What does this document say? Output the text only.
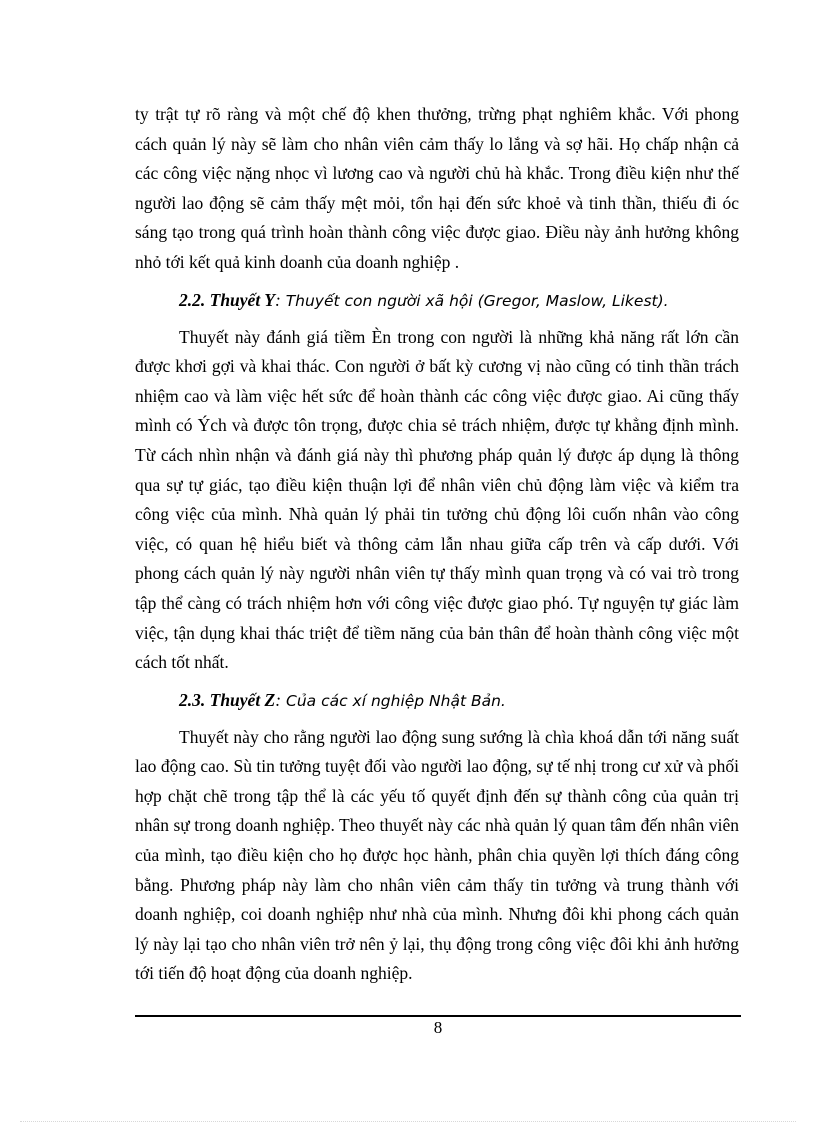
ty trật tự rõ ràng và một chế độ khen thưởng, trừng phạt nghiêm khắc. Với phong cách quản lý này sẽ làm cho nhân viên cảm thấy lo lắng và sợ hãi. Họ chấp nhận cả các công việc nặng nhọc vì lương cao và người chủ hà khắc. Trong điều kiện như thế người lao động sẽ cảm thấy mệt mỏi, tổn hại đến sức khoẻ và tinh thần, thiếu đi óc sáng tạo trong quá trình hoàn thành công việc được giao. Điều này ảnh hưởng không nhỏ tới kết quả kinh doanh của doanh nghiệp .

2.2. Thuyết Y: Thuyết con người xã hội (Gregor, Maslow, Likest).

Thuyết này đánh giá tiềm Èn trong con người là những khả năng rất lớn cần được khơi gợi và khai thác. Con người ở bất kỳ cương vị nào cũng có tinh thần trách nhiệm cao và làm việc hết sức để hoàn thành các công việc được giao. Ai cũng thấy mình có Ých và được tôn trọng, được chia sẻ trách nhiệm, được tự khẳng định mình. Từ cách nhìn nhận và đánh giá này thì phương pháp quản lý được áp dụng là thông qua sự tự giác, tạo điều kiện thuận lợi để nhân viên chủ động làm việc và kiểm tra công việc của mình. Nhà quản lý phải tin tưởng chủ động lôi cuốn nhân vào công việc, có quan hệ hiểu biết và thông cảm lẫn nhau giữa cấp trên và cấp dưới. Với phong cách quản lý này người nhân viên tự thấy mình quan trọng và có vai trò trong tập thể càng có trách nhiệm hơn với công việc được giao phó. Tự nguyện tự giác làm việc, tận dụng khai thác triệt để tiềm năng của bản thân để hoàn thành công việc một cách tốt nhất.

2.3. Thuyết Z: Của các xí nghiệp Nhật Bản.

Thuyết này cho rằng người lao động sung sướng là chìa khoá dẫn tới năng suất lao động cao. Sù tin tưởng tuyệt đối vào người lao động, sự tế nhị trong cư xử và phối hợp chặt chẽ trong tập thể là các yếu tố quyết định đến sự thành công của quản trị nhân sự trong doanh nghiệp. Theo thuyết này các nhà quản lý quan tâm đến nhân viên của mình, tạo điều kiện cho họ được học hành, phân chia quyền lợi thích đáng công bằng. Phương pháp này làm cho nhân viên cảm thấy tin tưởng và trung thành với doanh nghiệp, coi doanh nghiệp như nhà của mình. Nhưng đôi khi phong cách quản lý này lại tạo cho nhân viên trở nên ỷ lại, thụ động trong công việc đôi khi ảnh hưởng tới tiến độ hoạt động của doanh nghiệp.

8
